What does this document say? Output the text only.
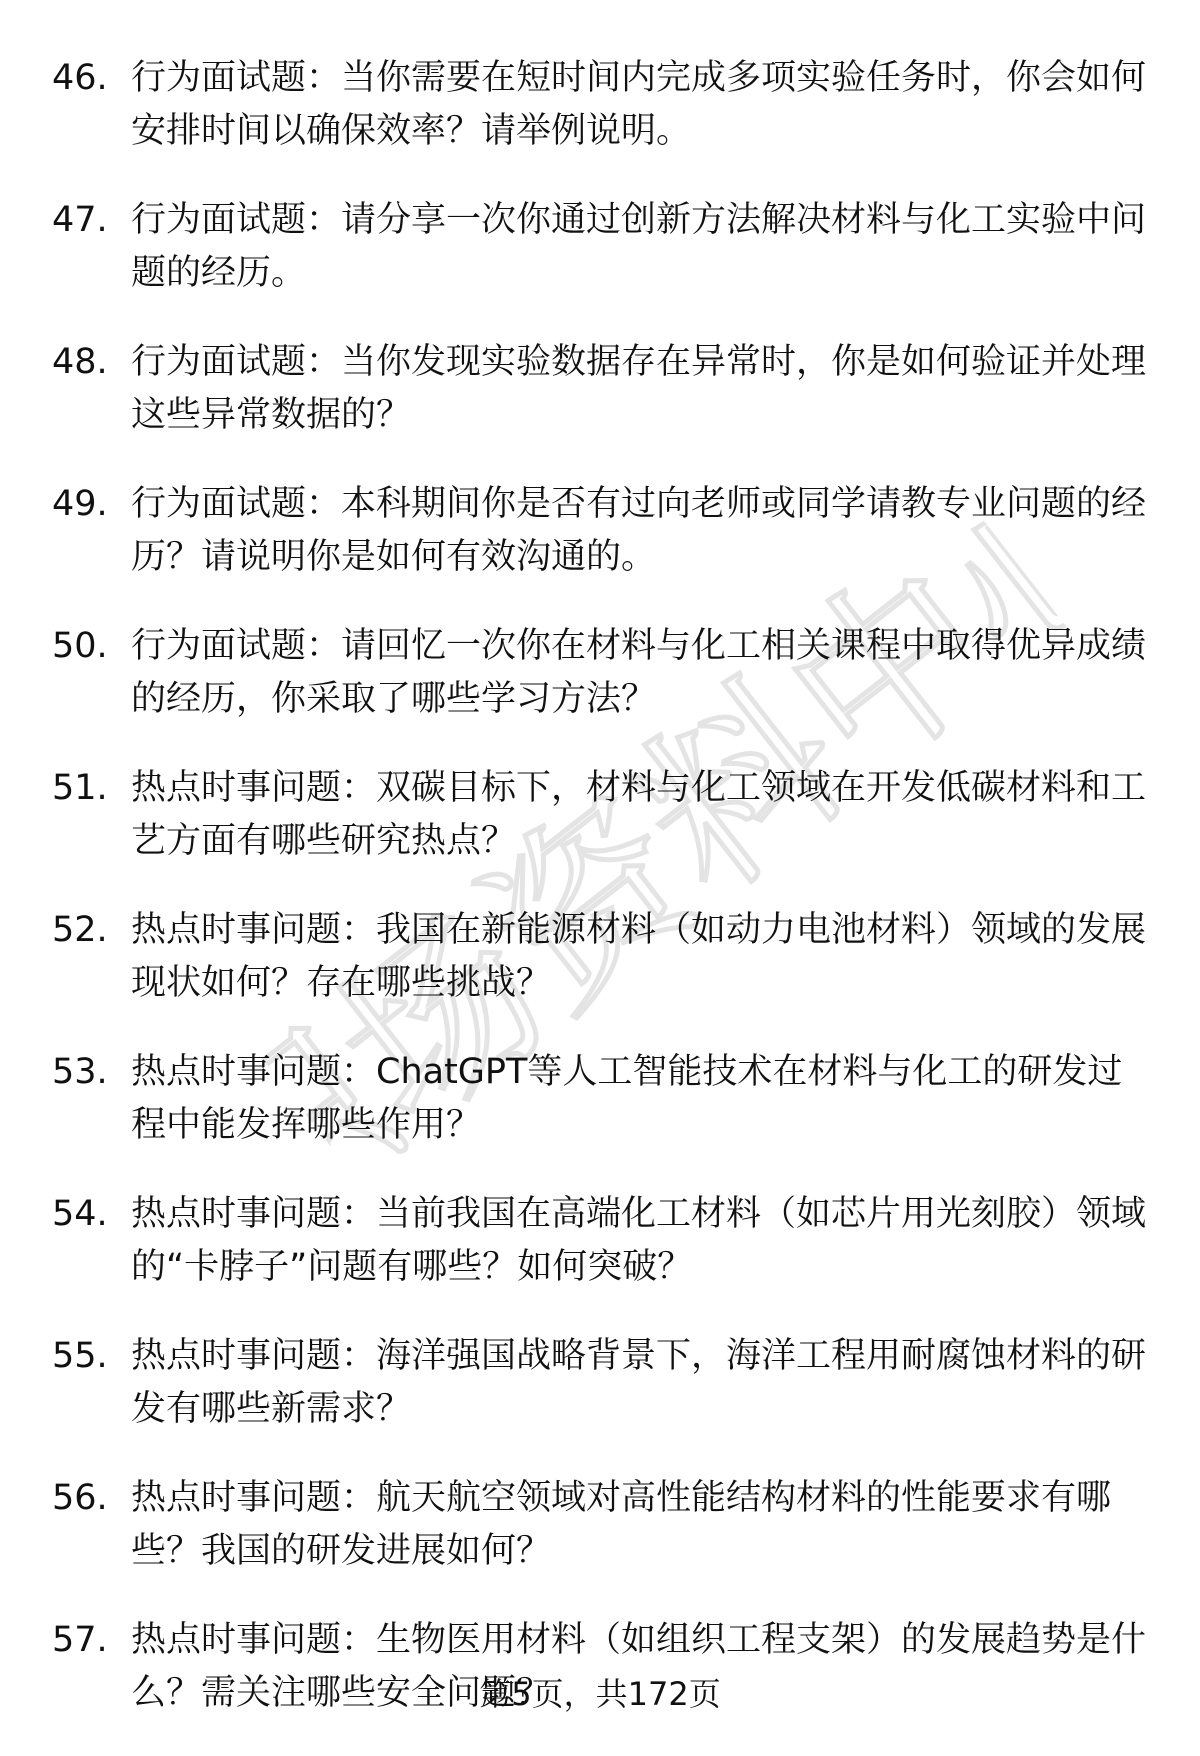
职场资料中心
46. 行为面试题：当你需要在短时间内完成多项实验任务时，你会如何安排时间以确保效率？请举例说明。
47. 行为面试题：请分享一次你通过创新方法解决材料与化工实验中问题的经历。
48. 行为面试题：当你发现实验数据存在异常时，你是如何验证并处理这些异常数据的？
49. 行为面试题：本科期间你是否有过向老师或同学请教专业问题的经历？请说明你是如何有效沟通的。
50. 行为面试题：请回忆一次你在材料与化工相关课程中取得优异成绩的经历，你采取了哪些学习方法？
51. 热点时事问题：双碳目标下，材料与化工领域在开发低碳材料和工艺方面有哪些研究热点？
52. 热点时事问题：我国在新能源材料（如动力电池材料）领域的发展现状如何？存在哪些挑战？
53. 热点时事问题：ChatGPT等人工智能技术在材料与化工的研发过程中能发挥哪些作用？
54. 热点时事问题：当前我国在高端化工材料（如芯片用光刻胶）领域的“卡脖子”问题有哪些？如何突破？
55. 热点时事问题：海洋强国战略背景下，海洋工程用耐腐蚀材料的研发有哪些新需求？
56. 热点时事问题：航天航空领域对高性能结构材料的性能要求有哪些？我国的研发进展如何？
57. 热点时事问题：生物医用材料（如组织工程支架）的发展趋势是什么？需关注哪些安全问题？
第5页，共172页
